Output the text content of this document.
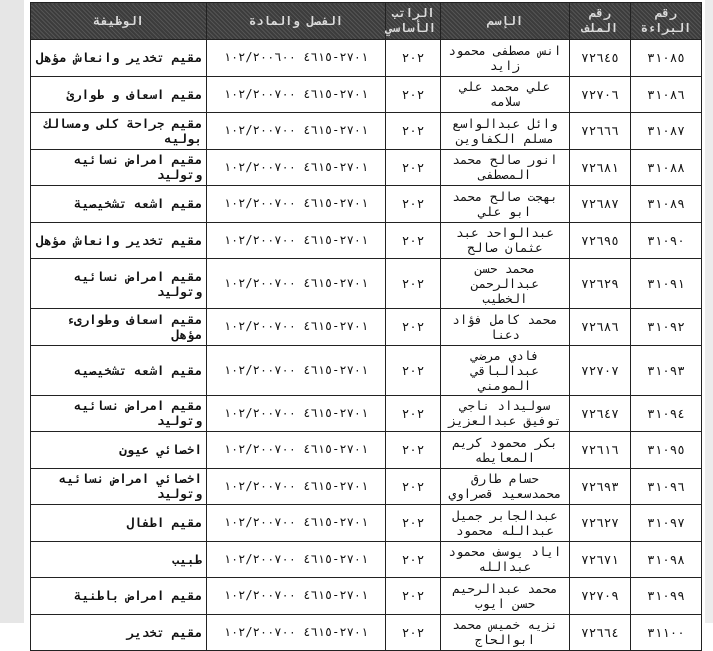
رقم البراءة	رقم الملف	الإسم	الراتب الأساسي	الفصل والمادة	الوظيفة
٣١٠٨٥	٧٢٦٤٥	انس مصطفى محمود زايد	٢٠٢	٢٧٠١-٤٦١٥ ١٠٢/٢٠٠٦٠٠	مقيم تخدير وانعاش مؤهل
٣١٠٨٦	٧٢٧٠٦	علي محمد علي سلامه	٢٠٢	٢٧٠١-٤٦١٥ ١٠٢/٢٠٠٧٠٠	مقيم اسعاف و طوارئ
٣١٠٨٧	٧٢٦٦٦	وائل عبدالواسع مسلم الكفاوين	٢٠٢	٢٧٠١-٤٦١٥ ١٠٢/٢٠٠٧٠٠	مقيم جراحة كلى ومسالك بوليه
٣١٠٨٨	٧٢٦٨١	انور صالح محمد المصطفى	٢٠٢	٢٧٠١-٤٦١٥ ١٠٢/٢٠٠٧٠٠	مقيم امراض نسائيه وتوليد
٣١٠٨٩	٧٢٦٨٧	بهجت صالح محمد ابو علي	٢٠٢	٢٧٠١-٤٦١٥ ١٠٢/٢٠٠٧٠٠	مقيم اشعه تشخيصية
٣١٠٩٠	٧٢٦٩٥	عبدالواحد عبد عثمان صالح	٢٠٢	٢٧٠١-٤٦١٥ ١٠٢/٢٠٠٧٠٠	مقيم تخدير وانعاش مؤهل
٣١٠٩١	٧٢٦٢٩	محمد حسن عبدالرحمن الخطيب	٢٠٢	٢٧٠١-٤٦١٥ ١٠٢/٢٠٠٧٠٠	مقيم امراض نسائيه وتوليد
٣١٠٩٢	٧٢٦٨٦	محمد كامل فؤاد دعنا	٢٠٢	٢٧٠١-٤٦١٥ ١٠٢/٢٠٠٧٠٠	مقيم اسعاف وطوارىء مؤهل
٣١٠٩٣	٧٢٧٠٧	فادي مرضي عبدالباقي المومني	٢٠٢	٢٧٠١-٤٦١٥ ١٠٢/٢٠٠٧٠٠	مقيم اشعه تشخيصيه
٣١٠٩٤	٧٢٦٤٧	سوليداد ناجي توفيق عبدالعزيز	٢٠٢	٢٧٠١-٤٦١٥ ١٠٢/٢٠٠٧٠٠	مقيم امراض نسائيه وتوليد
٣١٠٩٥	٧٢٦١٦	بكر محمود كريم المعايطه	٢٠٢	٢٧٠١-٤٦١٥ ١٠٢/٢٠٠٧٠٠	اخصائي عيون
٣١٠٩٦	٧٢٦٩٣	حسام طارق محمدسعيد قصراوي	٢٠٢	٢٧٠١-٤٦١٥ ١٠٢/٢٠٠٧٠٠	اخصائي امراض نسائيه وتوليد
٣١٠٩٧	٧٢٦٢٧	عبدالجابر جميل عبدالله محمود	٢٠٢	٢٧٠١-٤٦١٥ ١٠٢/٢٠٠٧٠٠	مقيم اطفال
٣١٠٩٨	٧٢٦٧١	اياد يوسف محمود عبدالله	٢٠٢	٢٧٠١-٤٦١٥ ١٠٢/٢٠٠٧٠٠	طبيب
٣١٠٩٩	٧٢٧٠٩	محمد عبدالرحيم حسن ايوب	٢٠٢	٢٧٠١-٤٦١٥ ١٠٢/٢٠٠٧٠٠	مقيم امراض باطنية
٣١١٠٠	٧٢٦٦٤	نزيه خميس محمد ابوالحاج	٢٠٢	٢٧٠١-٤٦١٥ ١٠٢/٢٠٠٧٠٠	مقيم تخدير
